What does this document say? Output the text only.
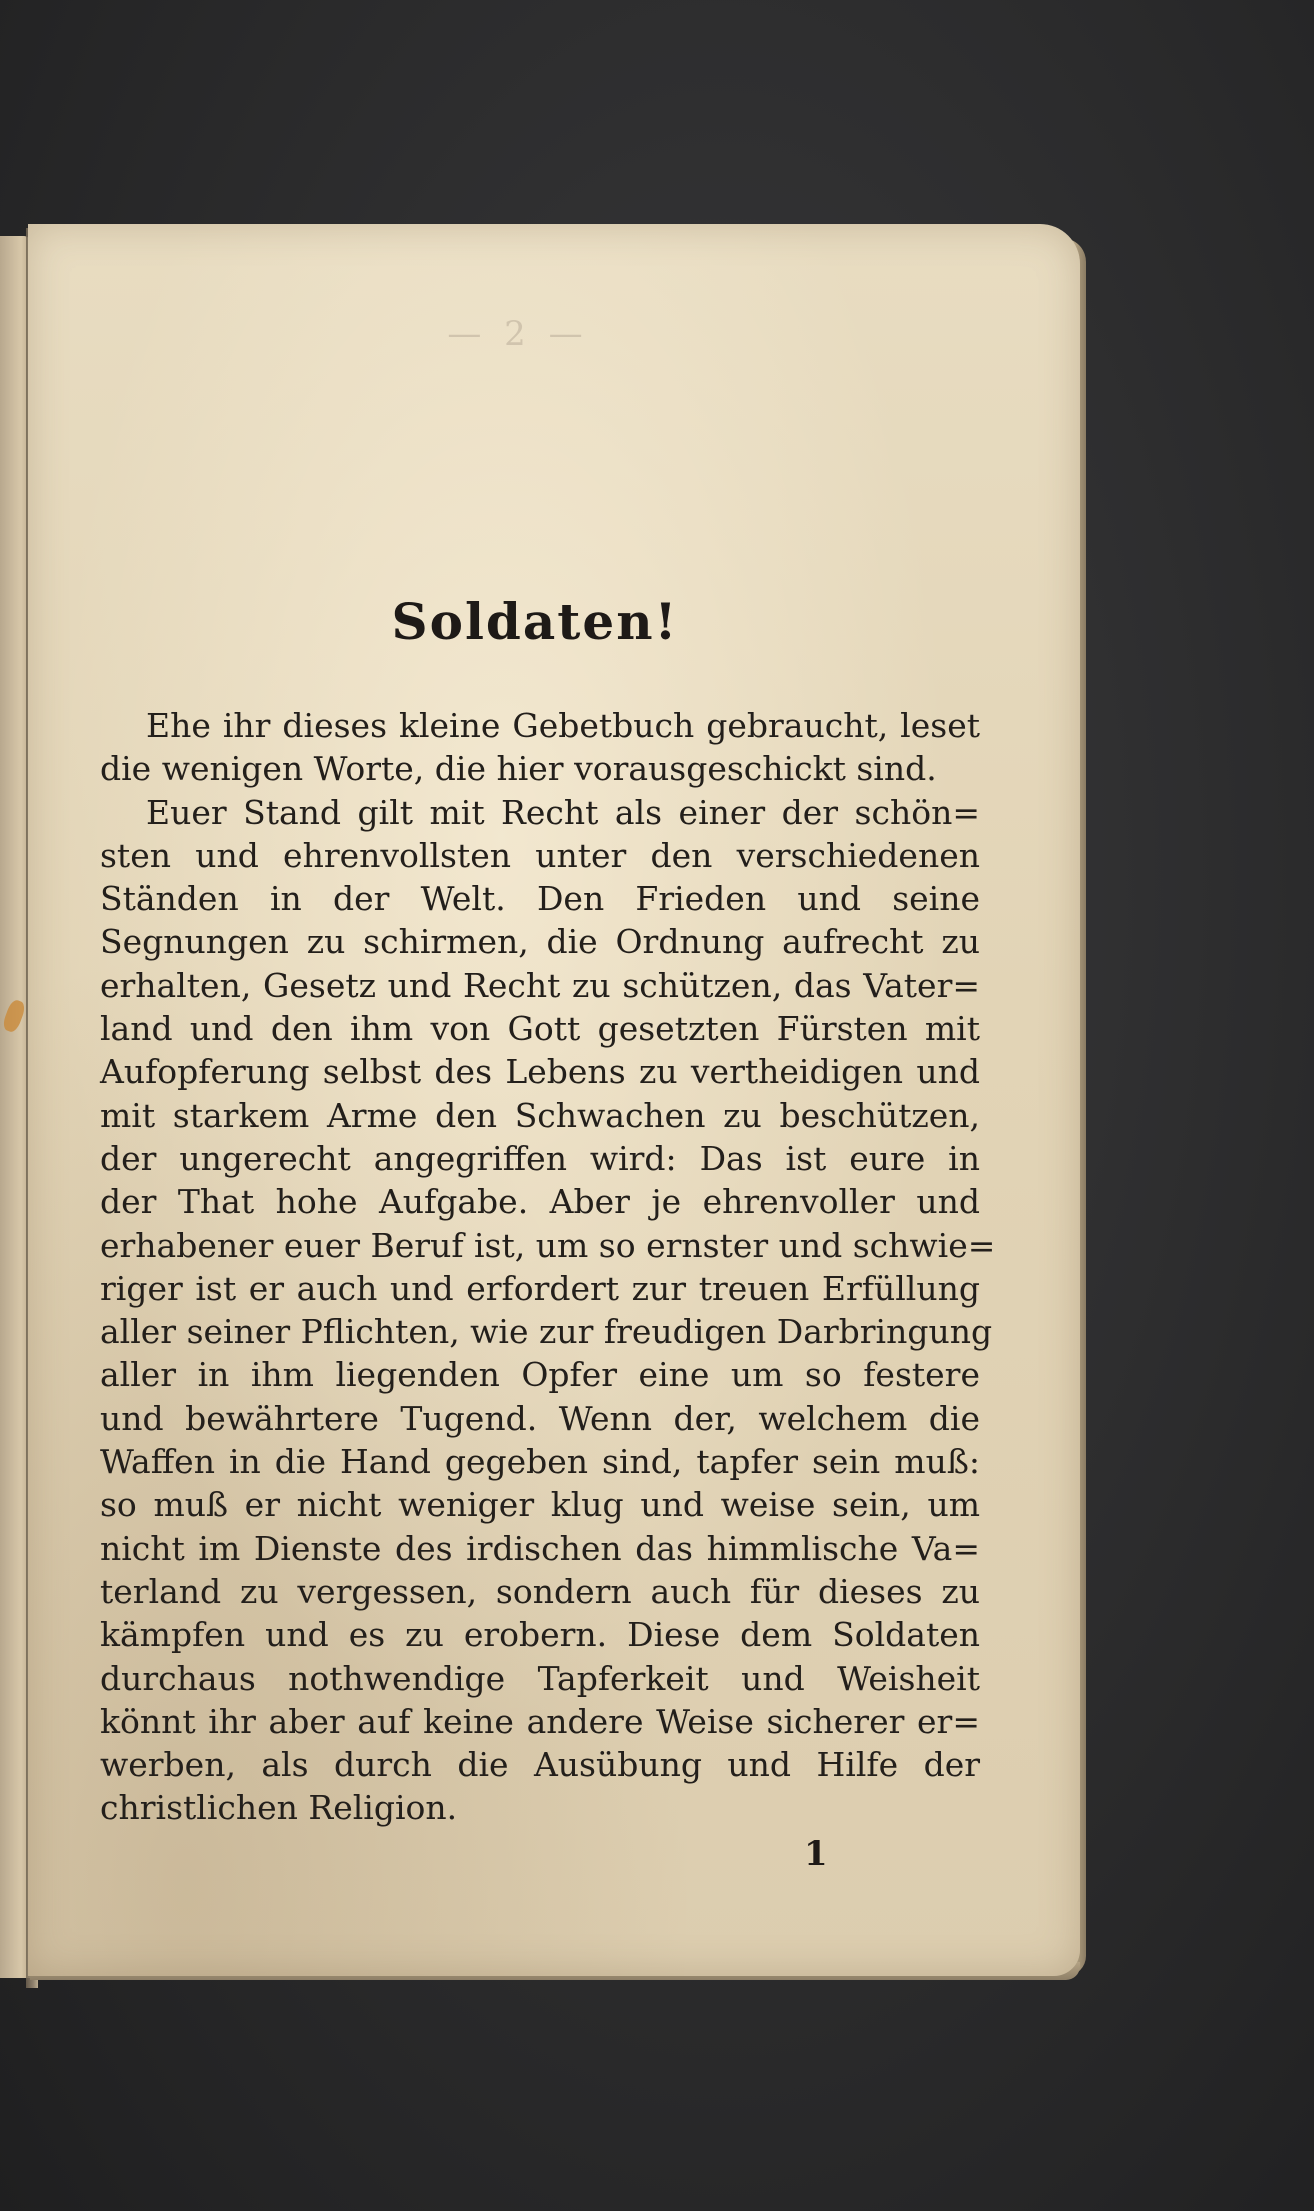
— 2 —
Soldaten!
Ehe ihr dieses kleine Gebetbuch gebraucht, leset
die wenigen Worte, die hier vorausgeschickt sind.
Euer Stand gilt mit Recht als einer der schön=
sten und ehrenvollsten unter den verschiedenen
Ständen in der Welt. Den Frieden und seine
Segnungen zu schirmen, die Ordnung aufrecht zu
erhalten, Gesetz und Recht zu schützen, das Vater=
land und den ihm von Gott gesetzten Fürsten mit
Aufopferung selbst des Lebens zu vertheidigen und
mit starkem Arme den Schwachen zu beschützen,
der ungerecht angegriffen wird: Das ist eure in
der That hohe Aufgabe. Aber je ehrenvoller und
erhabener euer Beruf ist, um so ernster und schwie=
riger ist er auch und erfordert zur treuen Erfüllung
aller seiner Pflichten, wie zur freudigen Darbringung
aller in ihm liegenden Opfer eine um so festere
und bewährtere Tugend. Wenn der, welchem die
Waffen in die Hand gegeben sind, tapfer sein muß:
so muß er nicht weniger klug und weise sein, um
nicht im Dienste des irdischen das himmlische Va=
terland zu vergessen, sondern auch für dieses zu
kämpfen und es zu erobern. Diese dem Soldaten
durchaus nothwendige Tapferkeit und Weisheit
könnt ihr aber auf keine andere Weise sicherer er=
werben, als durch die Ausübung und Hilfe der
christlichen Religion.
1
